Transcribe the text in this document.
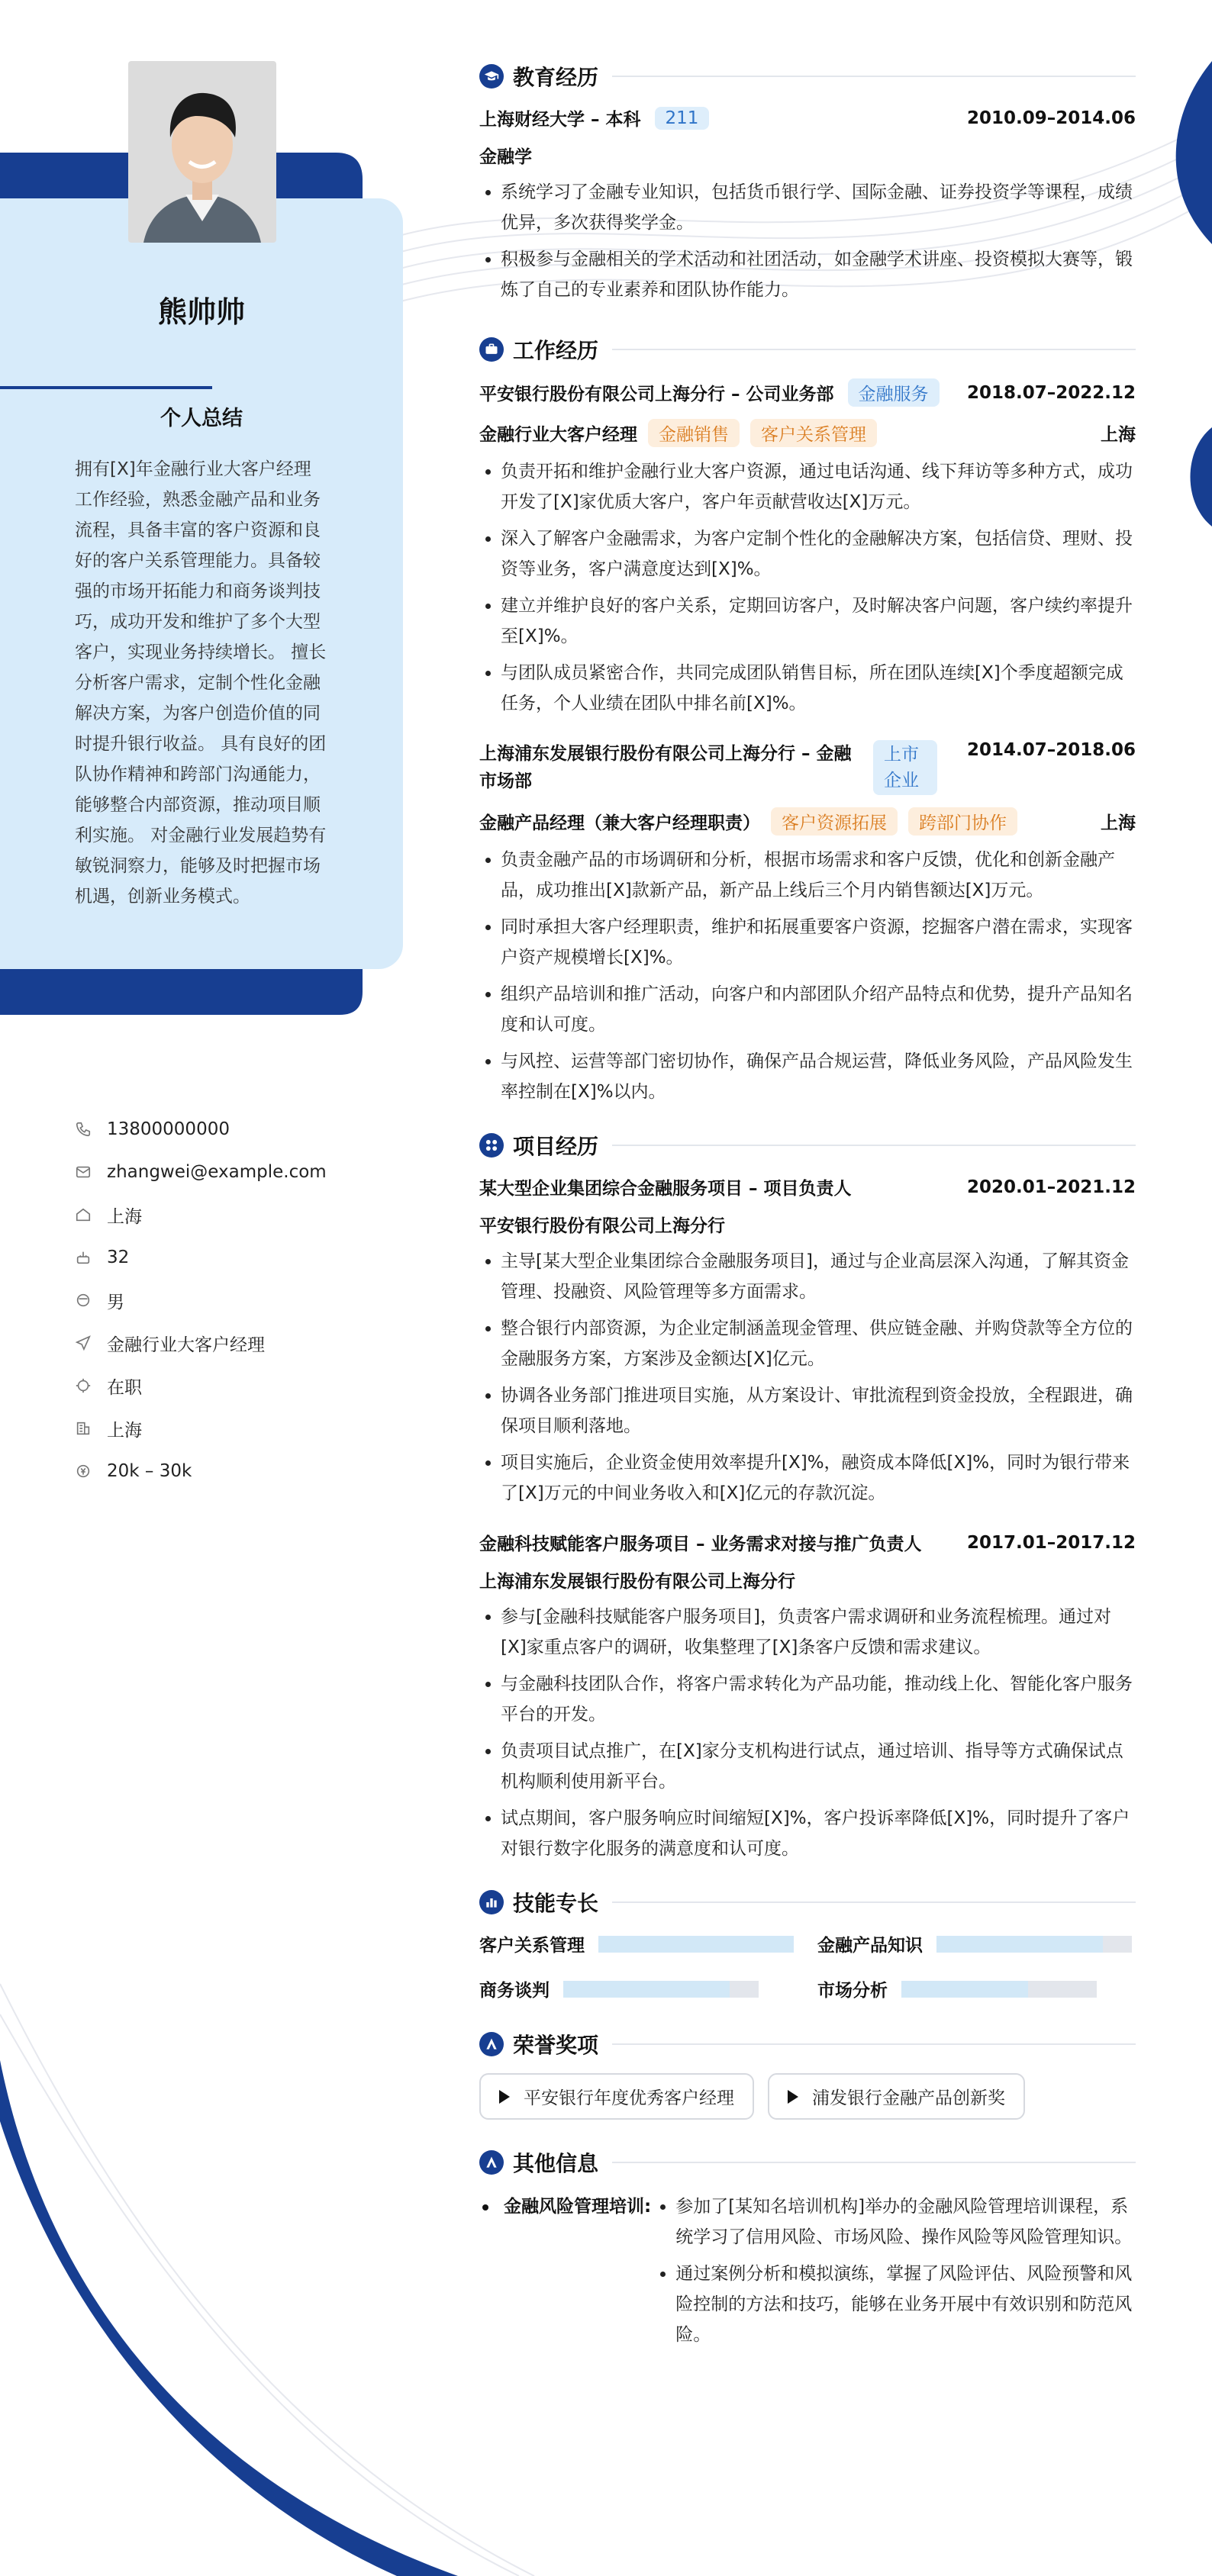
熊帅帅
个人总结
拥有[X]年金融行业大客户经理工作经验，熟悉金融产品和业务流程，具备丰富的客户资源和良好的客户关系管理能力。具备较强的市场开拓能力和商务谈判技巧，成功开发和维护了多个大型客户，实现业务持续增长。 擅长分析客户需求，定制个性化金融解决方案，为客户创造价值的同时提升银行收益。 具有良好的团队协作精神和跨部门沟通能力，能够整合内部资源，推动项目顺利实施。 对金融行业发展趋势有敏锐洞察力，能够及时把握市场机遇，创新业务模式。
13800000000
zhangwei@example.com
上海
32
男
金融行业大客户经理
在职
上海
20k – 30k
教育经历
上海财经大学 – 本科	211	2010.09–2014.06
金融学
• 系统学习了金融专业知识，包括货币银行学、国际金融、证券投资学等课程，成绩优异，多次获得奖学金。
• 积极参与金融相关的学术活动和社团活动，如金融学术讲座、投资模拟大赛等，锻炼了自己的专业素养和团队协作能力。
工作经历
平安银行股份有限公司上海分行 – 公司业务部	金融服务	2018.07–2022.12
金融行业大客户经理	金融销售	客户关系管理	上海
• 负责开拓和维护金融行业大客户资源，通过电话沟通、线下拜访等多种方式，成功开发了[X]家优质大客户，客户年贡献营收达[X]万元。
• 深入了解客户金融需求，为客户定制个性化的金融解决方案，包括信贷、理财、投资等业务，客户满意度达到[X]%。
• 建立并维护良好的客户关系，定期回访客户，及时解决客户问题，客户续约率提升至[X]%。
• 与团队成员紧密合作，共同完成团队销售目标，所在团队连续[X]个季度超额完成任务，个人业绩在团队中排名前[X]%。
上海浦东发展银行股份有限公司上海分行 – 金融市场部
上市企业
2014.07–2018.06
金融产品经理（兼大客户经理职责）	客户资源拓展	跨部门协作	上海
• 负责金融产品的市场调研和分析，根据市场需求和客户反馈，优化和创新金融产品，成功推出[X]款新产品，新产品上线后三个月内销售额达[X]万元。
• 同时承担大客户经理职责，维护和拓展重要客户资源，挖掘客户潜在需求，实现客户资产规模增长[X]%。
• 组织产品培训和推广活动，向客户和内部团队介绍产品特点和优势，提升产品知名度和认可度。
• 与风控、运营等部门密切协作，确保产品合规运营，降低业务风险，产品风险发生率控制在[X]%以内。
项目经历
某大型企业集团综合金融服务项目 – 项目负责人	2020.01–2021.12
平安银行股份有限公司上海分行
• 主导[某大型企业集团综合金融服务项目]，通过与企业高层深入沟通，了解其资金管理、投融资、风险管理等多方面需求。
• 整合银行内部资源，为企业定制涵盖现金管理、供应链金融、并购贷款等全方位的金融服务方案，方案涉及金额达[X]亿元。
• 协调各业务部门推进项目实施，从方案设计、审批流程到资金投放，全程跟进，确保项目顺利落地。
• 项目实施后，企业资金使用效率提升[X]%，融资成本降低[X]%，同时为银行带来了[X]万元的中间业务收入和[X]亿元的存款沉淀。
金融科技赋能客户服务项目 – 业务需求对接与推广负责人	2017.01–2017.12
上海浦东发展银行股份有限公司上海分行
• 参与[金融科技赋能客户服务项目]，负责客户需求调研和业务流程梳理。通过对[X]家重点客户的调研，收集整理了[X]条客户反馈和需求建议。
• 与金融科技团队合作，将客户需求转化为产品功能，推动线上化、智能化客户服务平台的开发。
• 负责项目试点推广，在[X]家分支机构进行试点，通过培训、指导等方式确保试点机构顺利使用新平台。
• 试点期间，客户服务响应时间缩短[X]%，客户投诉率降低[X]%，同时提升了客户对银行数字化服务的满意度和认可度。
技能专长
客户关系管理	金融产品知识
商务谈判	市场分析
荣誉奖项
平安银行年度优秀客户经理	浦发银行金融产品创新奖
其他信息
金融风险管理培训:
• 参加了[某知名培训机构]举办的金融风险管理培训课程，系统学习了信用风险、市场风险、操作风险等风险管理知识。
• 通过案例分析和模拟演练，掌握了风险评估、风险预警和风险控制的方法和技巧，能够在业务开展中有效识别和防范风险。
